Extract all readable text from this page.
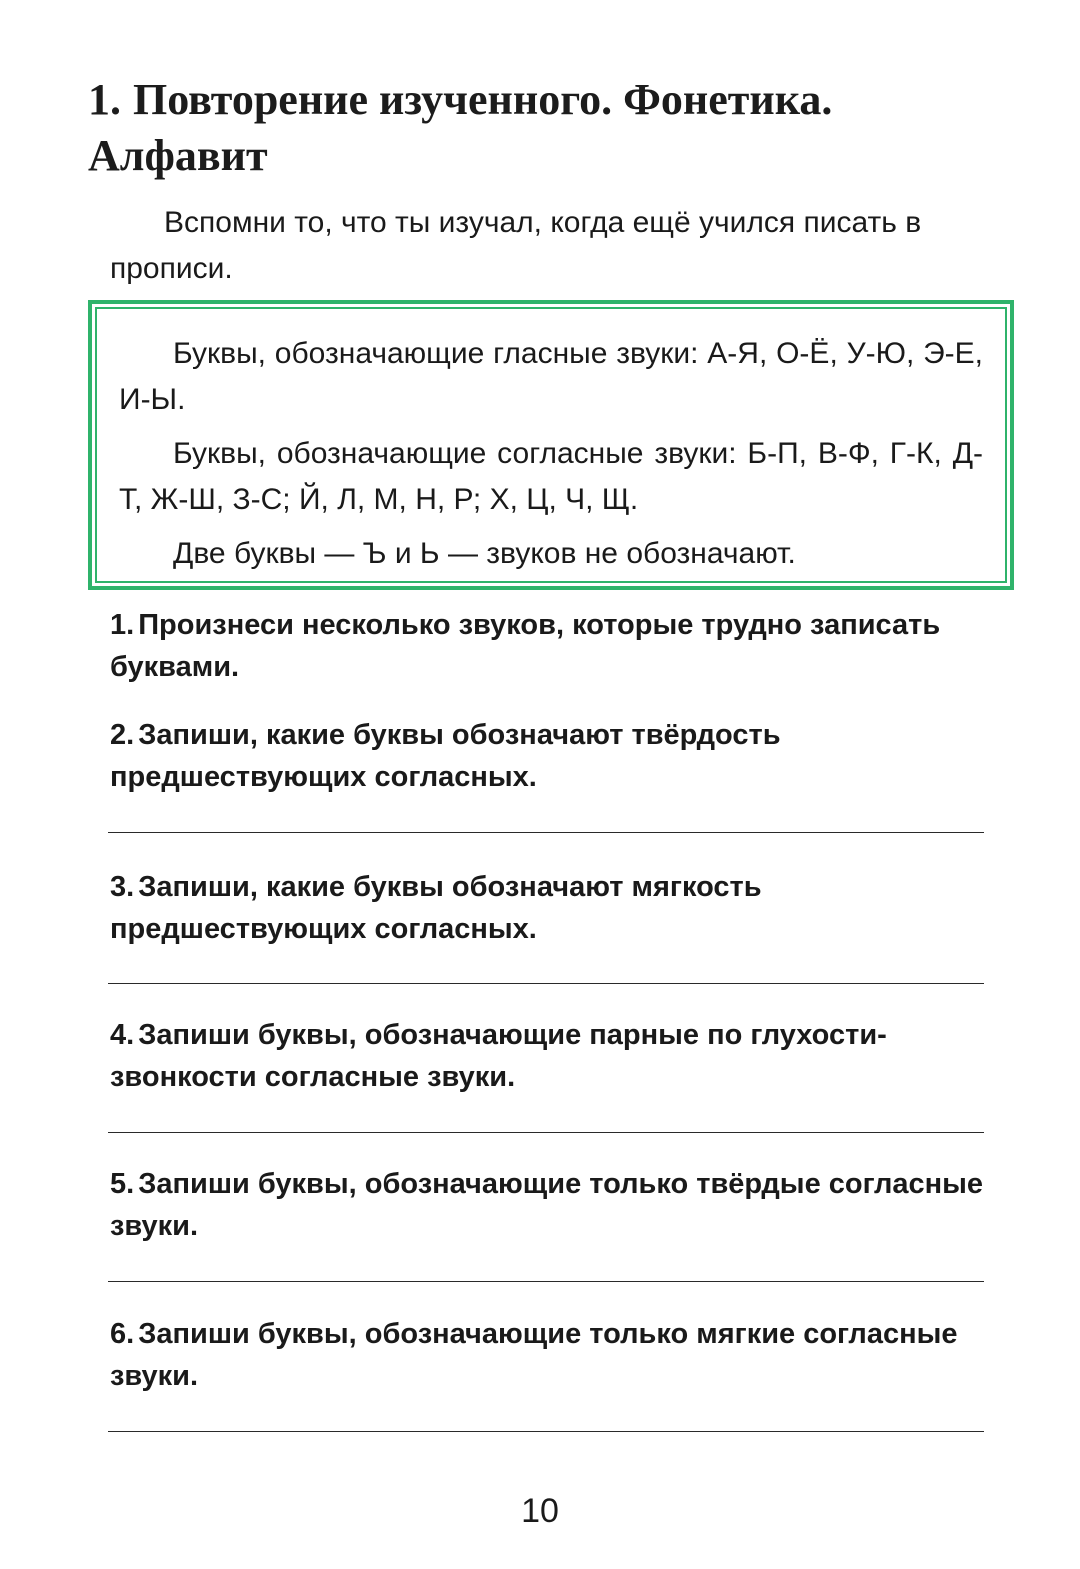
1. Повторение изученного. Фонетика. Алфавит

Вспомни то, что ты изучал, когда ещё учился писать в прописи.

Буквы, обозначающие гласные звуки: А-Я, О-Ё, У-Ю, Э-Е, И-Ы.

Буквы, обозначающие согласные звуки: Б-П, В-Ф, Г-К, Д-Т, Ж-Ш, З-С; Й, Л, М, Н, Р; Х, Ц, Ч, Щ.

Две буквы — Ъ и Ь — звуков не обозначают.

1. Произнеси несколько звуков, которые трудно записать буквами.

2. Запиши, какие буквы обозначают твёрдость предшествующих согласных.

3. Запиши, какие буквы обозначают мягкость предшествующих согласных.

4. Запиши буквы, обозначающие парные по глухости-звонкости согласные звуки.

5. Запиши буквы, обозначающие только твёрдые согласные звуки.

6. Запиши буквы, обозначающие только мягкие согласные звуки.

10
